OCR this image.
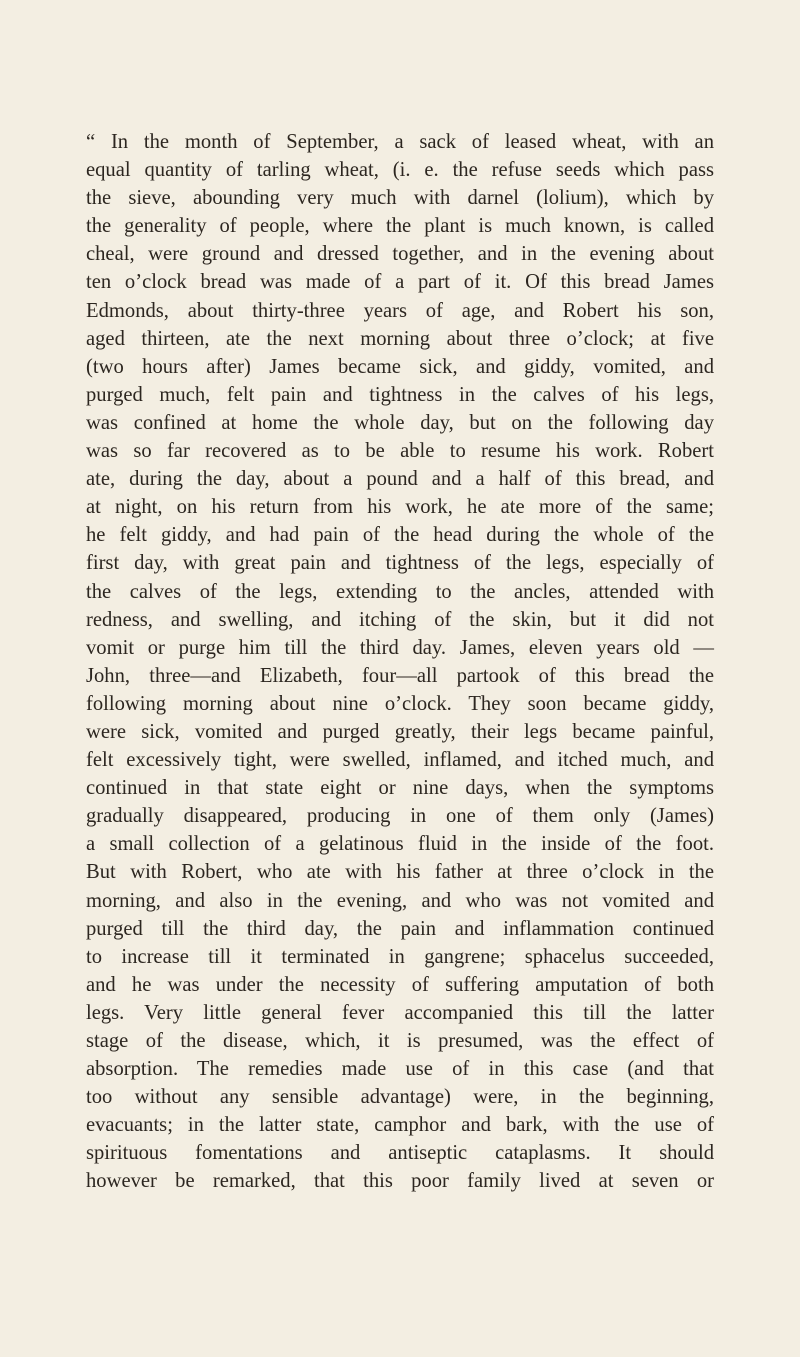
“ In the month of September, a sack of leased wheat, with an
equal quantity of tarling wheat, (i. e. the refuse seeds which pass
the sieve, abounding very much with darnel (lolium), which by
the generality of people, where the plant is much known, is called
cheal, were ground and dressed together, and in the evening about
ten o’clock bread was made of a part of it. Of this bread James
Edmonds, about thirty-three years of age, and Robert his son,
aged thirteen, ate the next morning about three o’clock; at five
(two hours after) James became sick, and giddy, vomited, and
purged much, felt pain and tightness in the calves of his legs,
was confined at home the whole day, but on the following day
was so far recovered as to be able to resume his work. Robert
ate, during the day, about a pound and a half of this bread, and
at night, on his return from his work, he ate more of the same;
he felt giddy, and had pain of the head during the whole of the
first day, with great pain and tightness of the legs, especially of
the calves of the legs, extending to the ancles, attended with
redness, and swelling, and itching of the skin, but it did not
vomit or purge him till the third day. James, eleven years old —
John, three—and Elizabeth, four—all partook of this bread the
following morning about nine o’clock. They soon became giddy,
were sick, vomited and purged greatly, their legs became painful,
felt excessively tight, were swelled, inflamed, and itched much, and
continued in that state eight or nine days, when the symptoms
gradually disappeared, producing in one of them only (James)
a small collection of a gelatinous fluid in the inside of the foot.
But with Robert, who ate with his father at three o’clock in the
morning, and also in the evening, and who was not vomited and
purged till the third day, the pain and inflammation continued
to increase till it terminated in gangrene; sphacelus succeeded,
and he was under the necessity of suffering amputation of both
legs. Very little general fever accompanied this till the latter
stage of the disease, which, it is presumed, was the effect of
absorption. The remedies made use of in this case (and that
too without any sensible advantage) were, in the beginning,
evacuants; in the latter state, camphor and bark, with the use of
spirituous fomentations and antiseptic cataplasms. It should
however be remarked, that this poor family lived at seven or
